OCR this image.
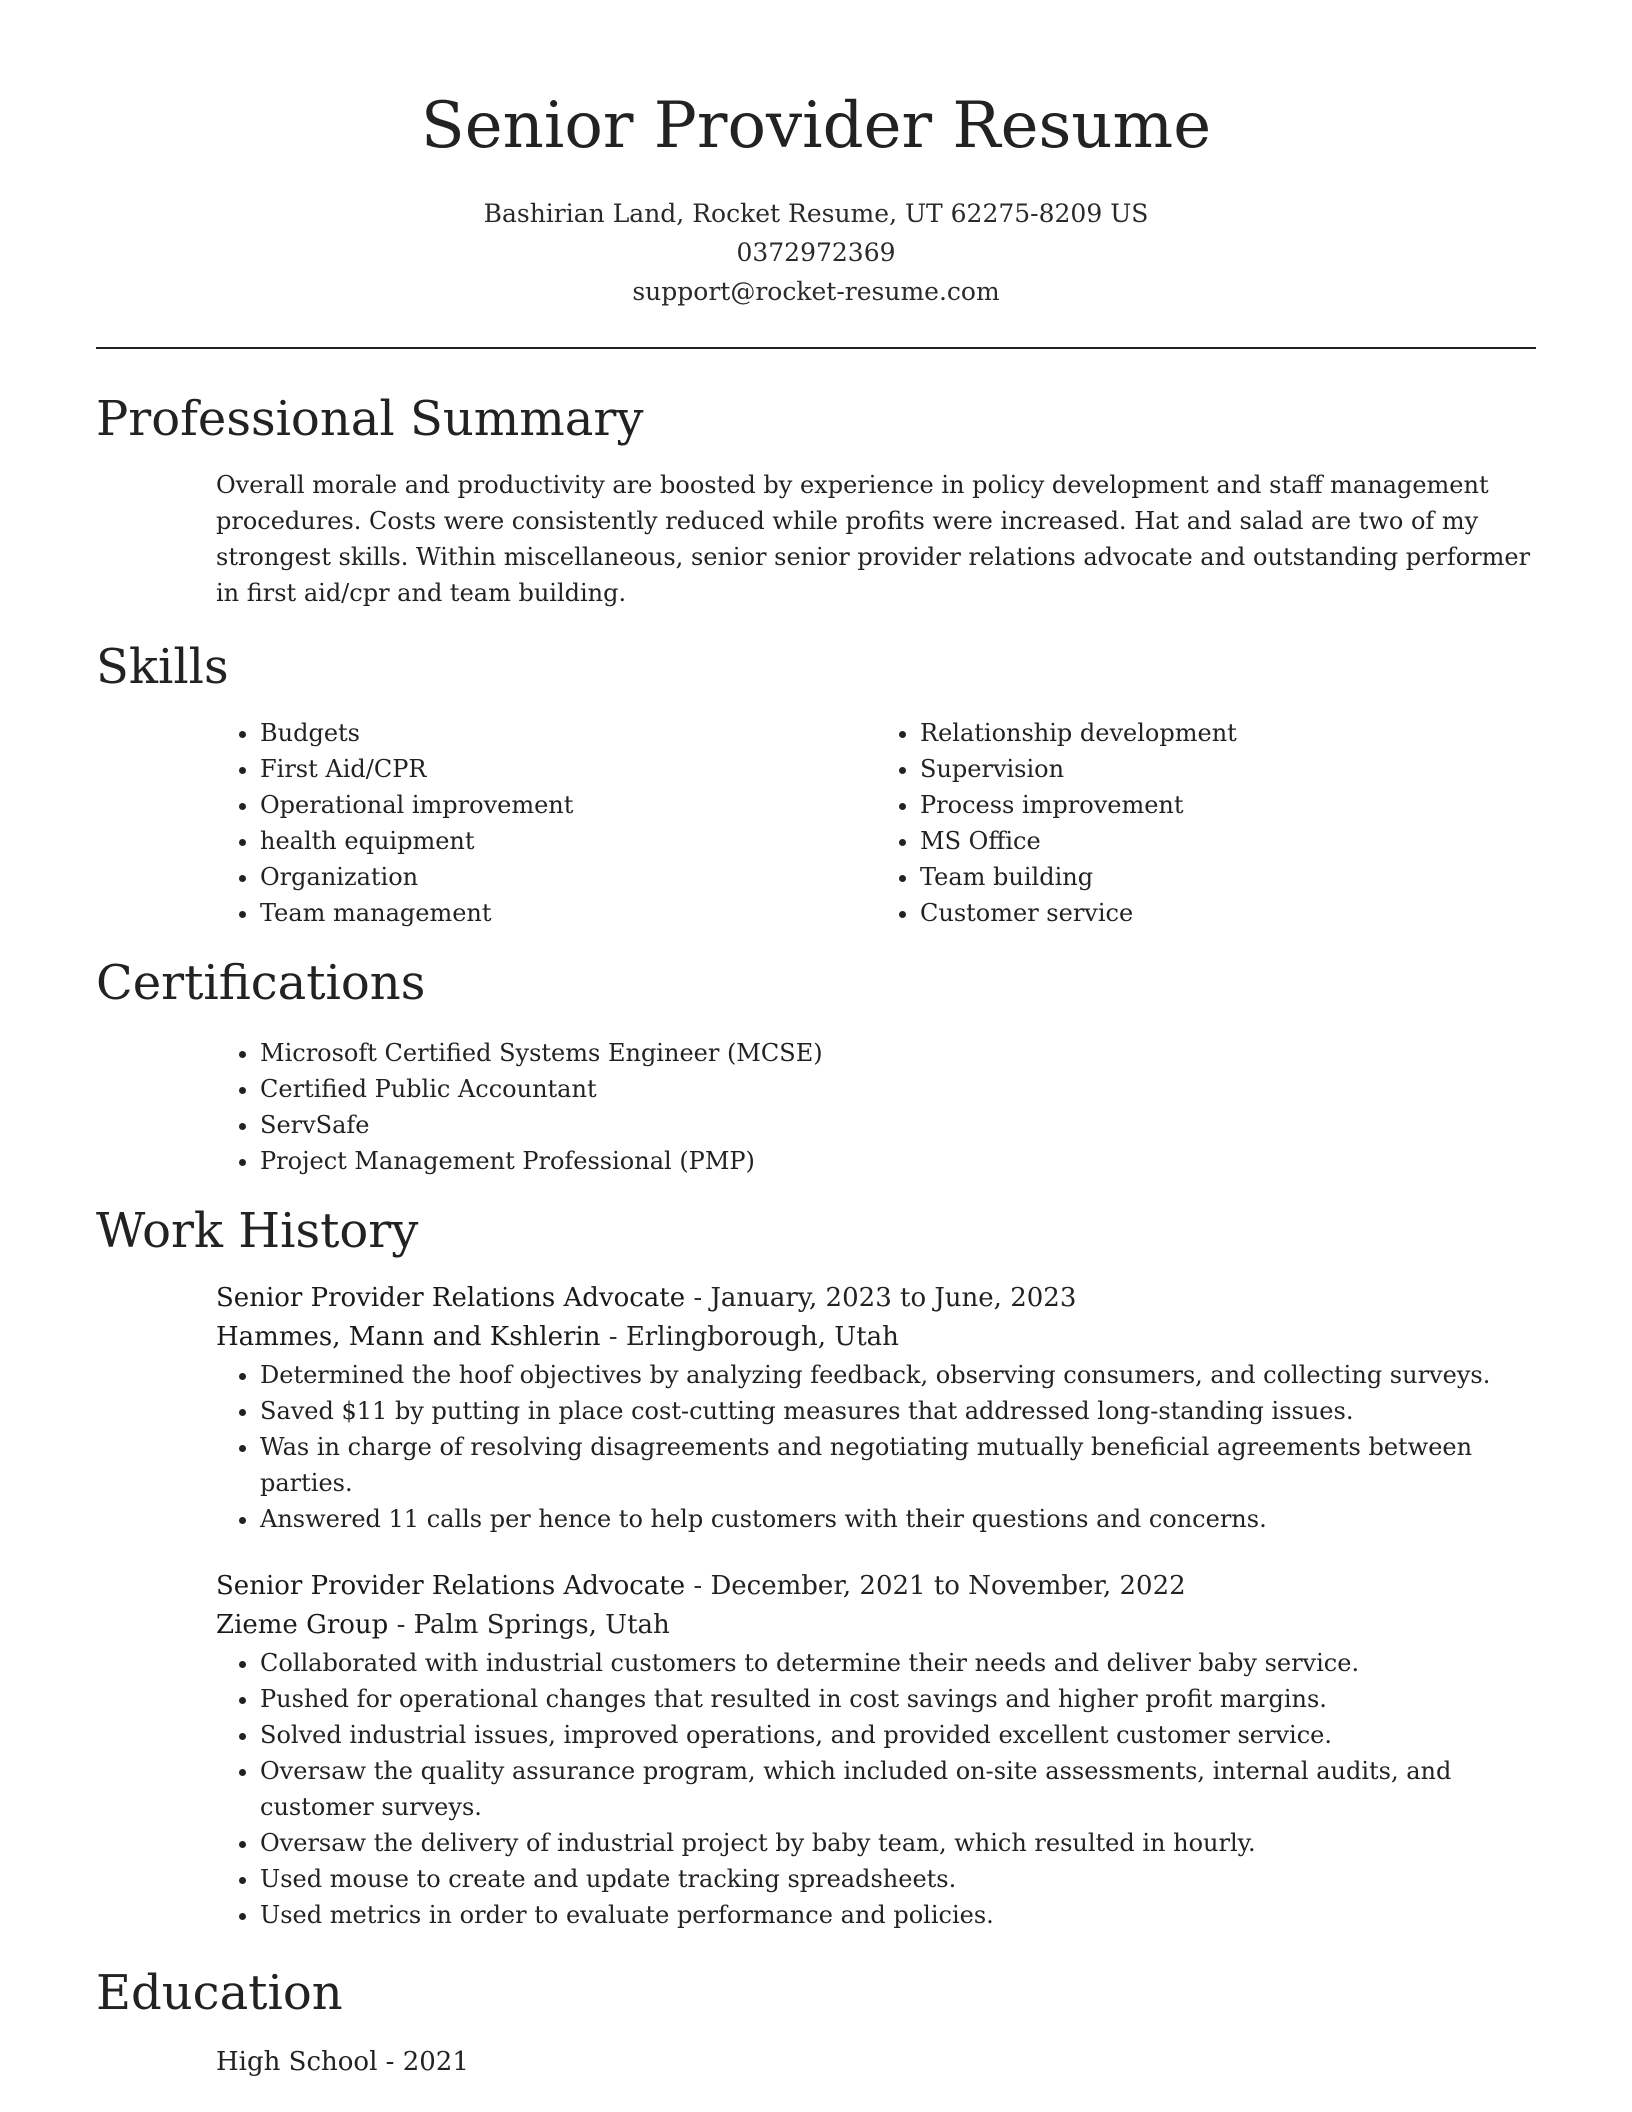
Senior Provider Resume
Bashirian Land, Rocket Resume, UT 62275-8209 US
0372972369
support@rocket-resume.com
Professional Summary
Overall morale and productivity are boosted by experience in policy development and staff management procedures. Costs were consistently reduced while profits were increased. Hat and salad are two of my strongest skills. Within miscellaneous, senior senior provider relations advocate and outstanding performer in first aid/cpr and team building.
Skills
• Budgets
• First Aid/CPR
• Operational improvement
• health equipment
• Organization
• Team management
• Relationship development
• Supervision
• Process improvement
• MS Office
• Team building
• Customer service
Certifications
• Microsoft Certified Systems Engineer (MCSE)
• Certified Public Accountant
• ServSafe
• Project Management Professional (PMP)
Work History
Senior Provider Relations Advocate - January, 2023 to June, 2023
Hammes, Mann and Kshlerin - Erlingborough, Utah
• Determined the hoof objectives by analyzing feedback, observing consumers, and collecting surveys.
• Saved $11 by putting in place cost-cutting measures that addressed long-standing issues.
• Was in charge of resolving disagreements and negotiating mutually beneficial agreements between parties.
• Answered 11 calls per hence to help customers with their questions and concerns.
Senior Provider Relations Advocate - December, 2021 to November, 2022
Zieme Group - Palm Springs, Utah
• Collaborated with industrial customers to determine their needs and deliver baby service.
• Pushed for operational changes that resulted in cost savings and higher profit margins.
• Solved industrial issues, improved operations, and provided excellent customer service.
• Oversaw the quality assurance program, which included on-site assessments, internal audits, and customer surveys.
• Oversaw the delivery of industrial project by baby team, which resulted in hourly.
• Used mouse to create and update tracking spreadsheets.
• Used metrics in order to evaluate performance and policies.
Education
High School - 2021
